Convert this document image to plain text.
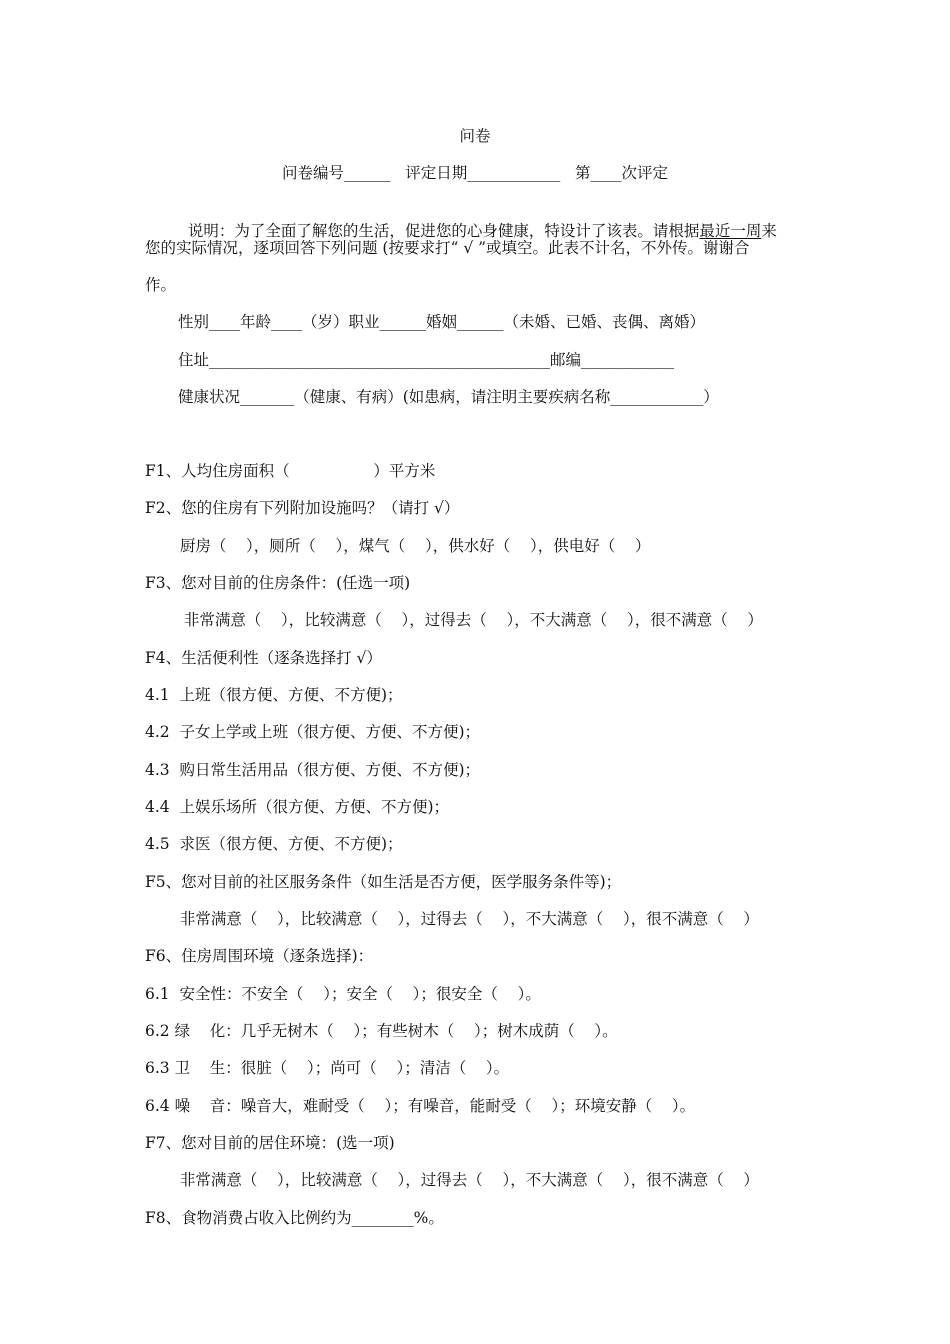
问卷
问卷编号______   评定日期____________   第____次评定

说明：为了全面了解您的生活，促进您的心身健康，特设计了该表。请根据最近一周来

您的实际情况，逐项回答下列问题 (按要求打“ √ ”或填空。此表不计名，不外传。谢谢合
作。
性别____年龄____（岁）职业______婚姻______（未婚、已婚、丧偶、离婚）
住址____________________________________________邮编____________
健康状况_______（健康、有病）(如患病，请注明主要疾病名称____________）
F1、人均住房面积（                 ）平方米
F2、您的住房有下列附加设施吗？（请打 √）
厨房（    ），厕所（    ），煤气（    ），供水好（    ），供电好（    ）
F3、您对目前的住房条件：(任选一项)
非常满意（    ），比较满意（    ），过得去（    ），不大满意（    ），很不满意（    ）
F4、生活便利性（逐条选择打 √）
4.1  上班（很方便、方便、不方便)；
4.2  子女上学或上班（很方便、方便、不方便)；
4.3  购日常生活用品（很方便、方便、不方便)；
4.4  上娱乐场所（很方便、方便、不方便)；
4.5  求医（很方便、方便、不方便)；
F5、您对目前的社区服务条件（如生活是否方便，医学服务条件等)；
非常满意（    ），比较满意（    ），过得去（    ），不大满意（    ），很不满意（    ）
F6、住房周围环境（逐条选择)：
6.1  安全性：不安全（    ）；安全（    ）；很安全（    ）。
6.2 绿    化：几乎无树木（    ）；有些树木（    ）；树木成荫（    ）。
6.3 卫    生：很脏（    ）；尚可（    ）；清洁（    ）。
6.4 噪    音：噪音大，难耐受（    ）；有噪音，能耐受（    ）；环境安静（    ）。
F7、您对目前的居住环境：(选一项)
非常满意（    ），比较满意（    ），过得去（    ），不大满意（    ），很不满意（    ）
F8、食物消费占收入比例约为________%。
